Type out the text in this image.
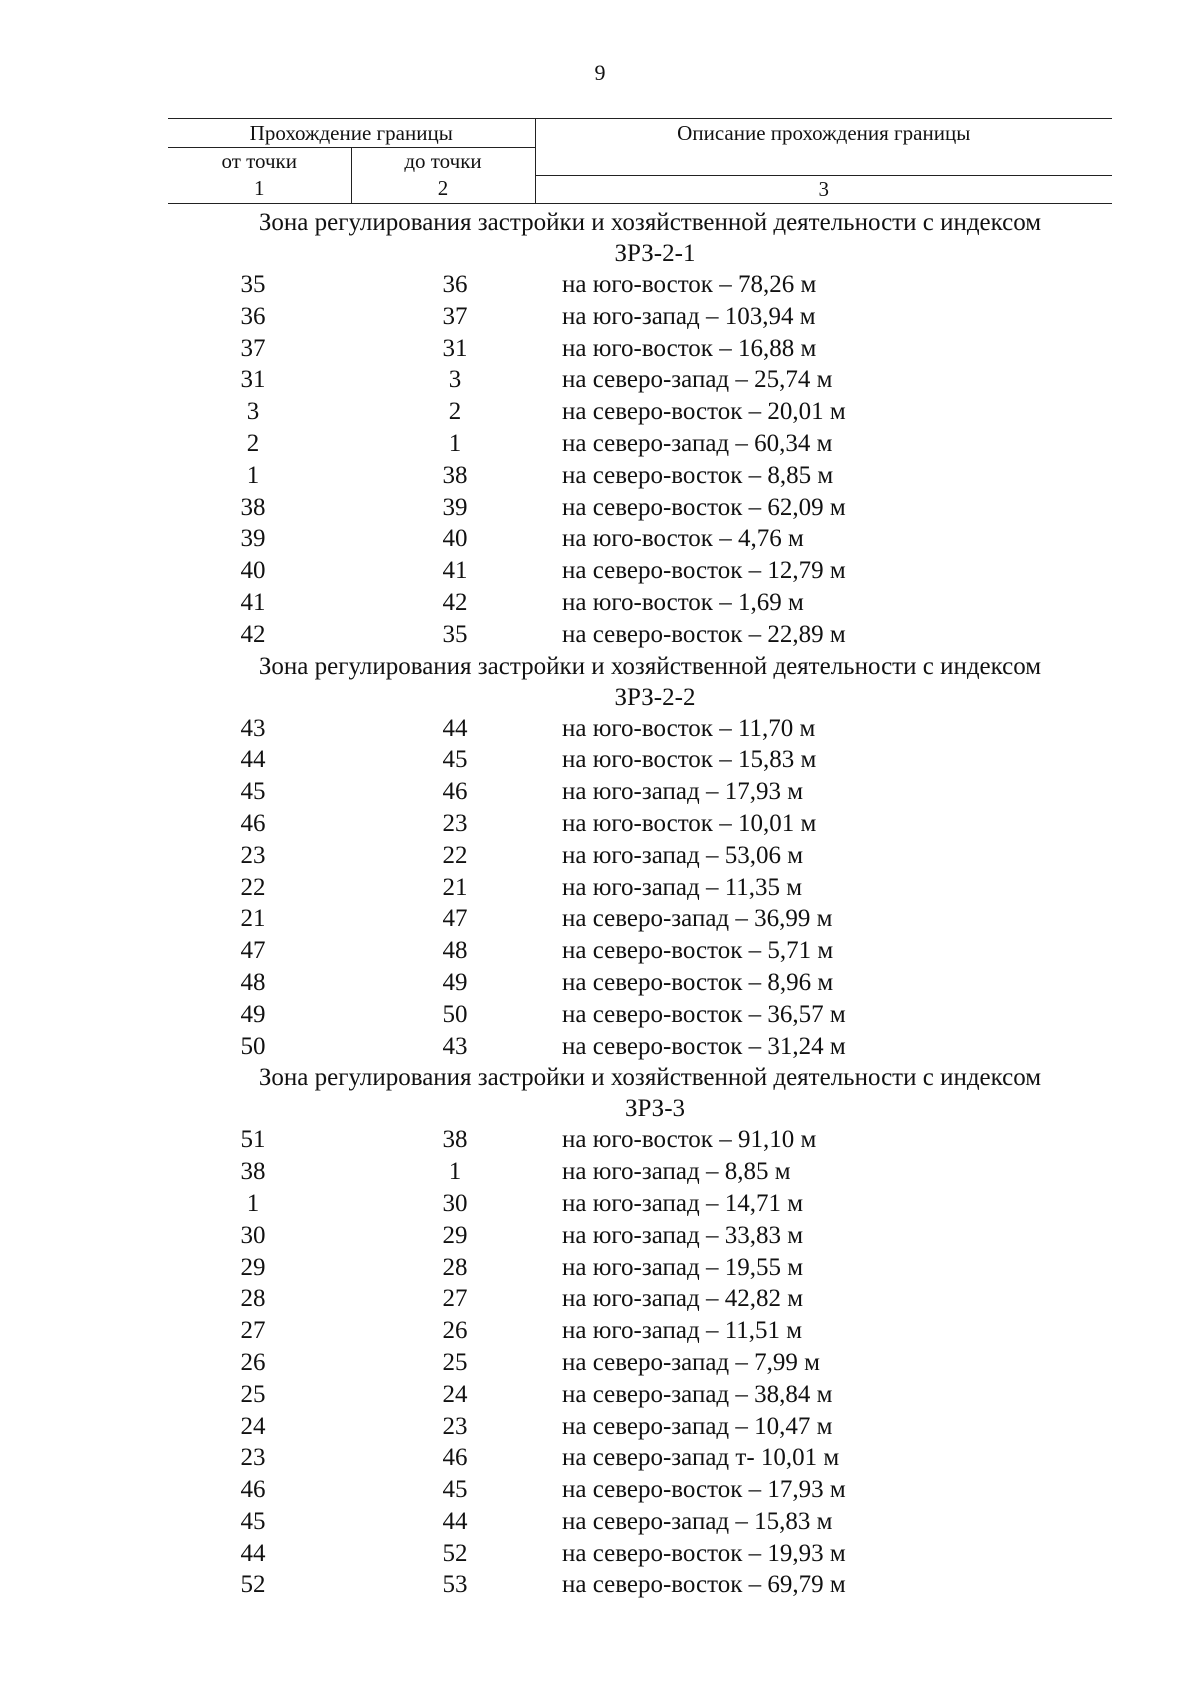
9
Прохождение границы		Описание прохождения границы
от точки	до точки	
1	2	3
Зона регулирования застройки и хозяйственной деятельности с индексом
ЗРЗ-2-1
35	36	на юго-восток – 78,26 м
36	37	на юго-запад – 103,94 м
37	31	на юго-восток – 16,88 м
31	3	на северо-запад – 25,74 м
3	2	на северо-восток – 20,01 м
2	1	на северо-запад – 60,34 м
1	38	на северо-восток – 8,85 м
38	39	на северо-восток – 62,09 м
39	40	на юго-восток – 4,76 м
40	41	на северо-восток – 12,79 м
41	42	на юго-восток – 1,69 м
42	35	на северо-восток – 22,89 м
Зона регулирования застройки и хозяйственной деятельности с индексом
ЗРЗ-2-2
43	44	на юго-восток – 11,70 м
44	45	на юго-восток – 15,83 м
45	46	на юго-запад – 17,93 м
46	23	на юго-восток – 10,01 м
23	22	на юго-запад – 53,06 м
22	21	на юго-запад – 11,35 м
21	47	на северо-запад – 36,99 м
47	48	на северо-восток – 5,71 м
48	49	на северо-восток – 8,96 м
49	50	на северо-восток – 36,57 м
50	43	на северо-восток – 31,24 м
Зона регулирования застройки и хозяйственной деятельности с индексом
ЗРЗ-3
51	38	на юго-восток – 91,10 м
38	1	на юго-запад – 8,85 м
1	30	на юго-запад – 14,71 м
30	29	на юго-запад – 33,83 м
29	28	на юго-запад – 19,55 м
28	27	на юго-запад – 42,82 м
27	26	на юго-запад – 11,51 м
26	25	на северо-запад – 7,99 м
25	24	на северо-запад – 38,84 м
24	23	на северо-запад – 10,47 м
23	46	на северо-запад т- 10,01 м
46	45	на северо-восток – 17,93 м
45	44	на северо-запад – 15,83 м
44	52	на северо-восток – 19,93 м
52	53	на северо-восток – 69,79 м
